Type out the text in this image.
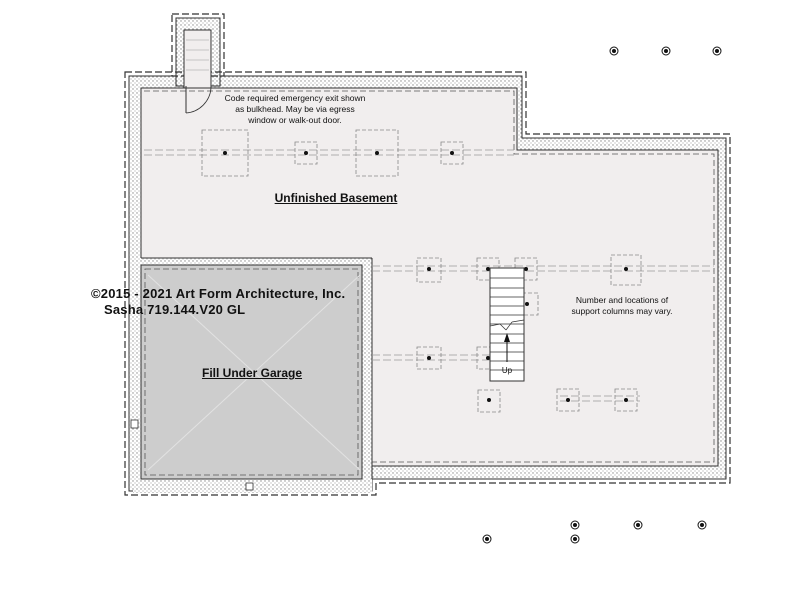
Code required emergency exit shown
as bulkhead. May be via egress
window or walk-out door.
Unfinished Basement
Fill Under Garage
Number and locations of
support columns may vary.
Up
©2015 - 2021 Art Form Architecture, Inc.
Sasha 719.144.V20 GL
